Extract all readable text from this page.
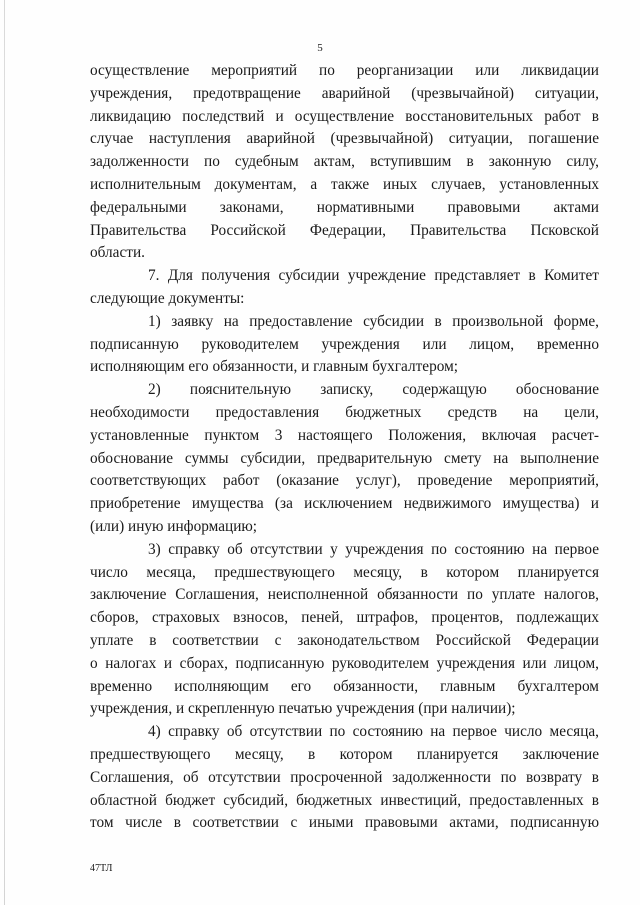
5
осуществление мероприятий по реорганизации или ликвидации
учреждения, предотвращение аварийной (чрезвычайной) ситуации,
ликвидацию последствий и осуществление восстановительных работ в
случае наступления аварийной (чрезвычайной) ситуации, погашение
задолженности по судебным актам, вступившим в законную силу,
исполнительным документам, а также иных случаев, установленных
федеральными законами, нормативными правовыми актами
Правительства Российской Федерации, Правительства Псковской
области.
7. Для получения субсидии учреждение представляет в Комитет
следующие документы:
1) заявку на предоставление субсидии в произвольной форме,
подписанную руководителем учреждения или лицом, временно
исполняющим его обязанности, и главным бухгалтером;
2) пояснительную записку, содержащую обоснование
необходимости предоставления бюджетных средств на цели,
установленные пунктом 3 настоящего Положения, включая расчет-
обоснование суммы субсидии, предварительную смету на выполнение
соответствующих работ (оказание услуг), проведение мероприятий,
приобретение имущества (за исключением недвижимого имущества) и
(или) иную информацию;
3) справку об отсутствии у учреждения по состоянию на первое
число месяца, предшествующего месяцу, в котором планируется
заключение Соглашения, неисполненной обязанности по уплате налогов,
сборов, страховых взносов, пеней, штрафов, процентов, подлежащих
уплате в соответствии с законодательством Российской Федерации
о налогах и сборах, подписанную руководителем учреждения или лицом,
временно исполняющим его обязанности, главным бухгалтером
учреждения, и скрепленную печатью учреждения (при наличии);
4) справку об отсутствии по состоянию на первое число месяца,
предшествующего месяцу, в котором планируется заключение
Соглашения, об отсутствии просроченной задолженности по возврату в
областной бюджет субсидий, бюджетных инвестиций, предоставленных в
том числе в соответствии с иными правовыми актами, подписанную
47ТЛ
